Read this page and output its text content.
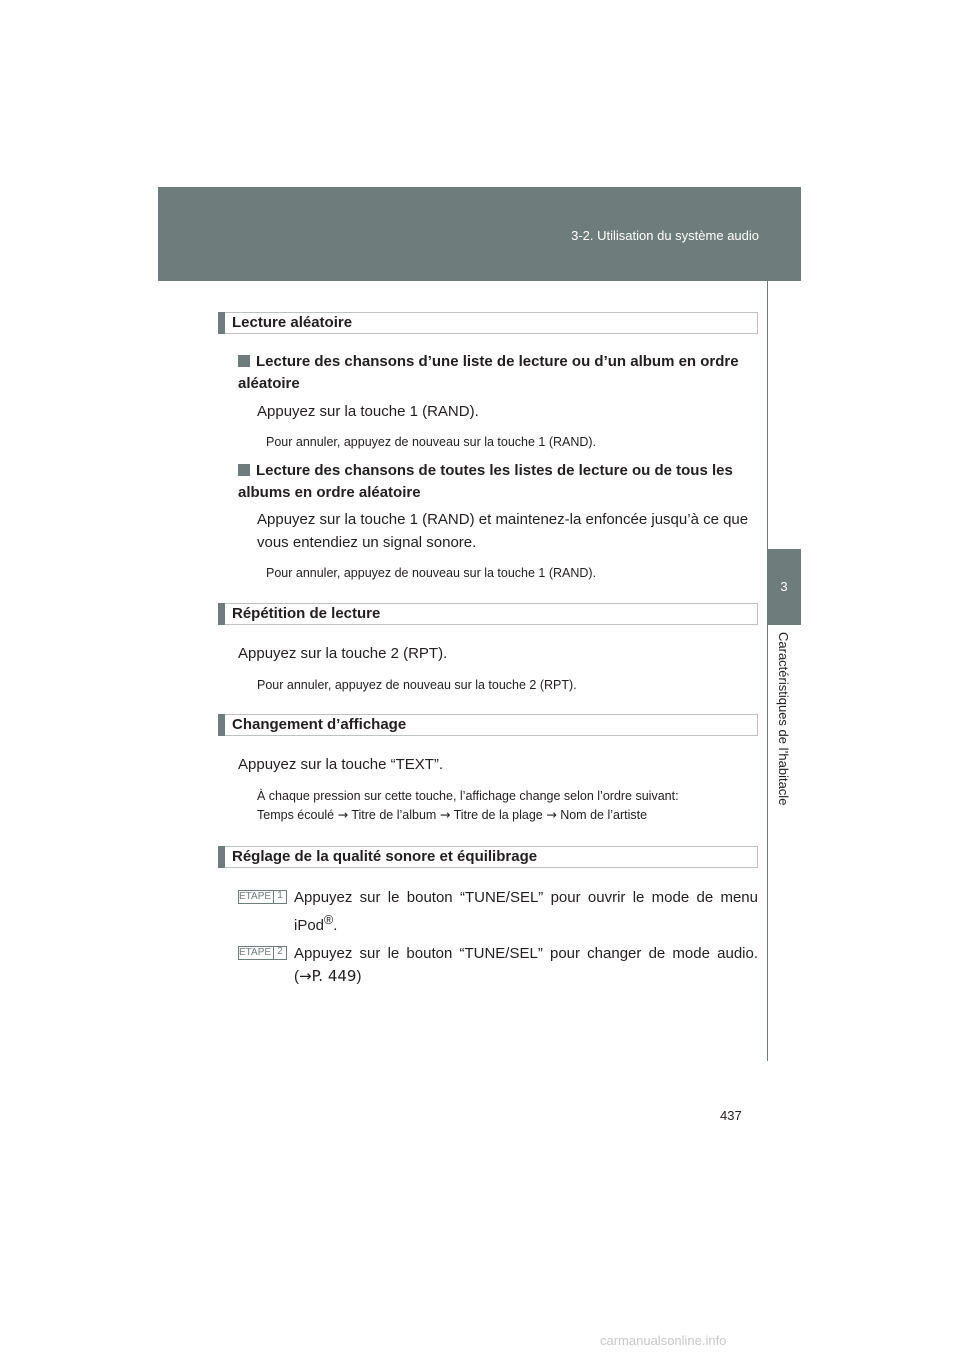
3-2. Utilisation du système audio
3
Caractéristiques de l’habitacle
Lecture aléatoire
Lecture des chansons d’une liste de lecture ou d’un album en ordre aléatoire
Appuyez sur la touche 1 (RAND).
Pour annuler, appuyez de nouveau sur la touche 1 (RAND).
Lecture des chansons de toutes les listes de lecture ou de tous les albums en ordre aléatoire
Appuyez sur la touche 1 (RAND) et maintenez-la enfoncée jusqu’à ce que vous entendiez un signal sonore.
Pour annuler, appuyez de nouveau sur la touche 1 (RAND).
Répétition de lecture
Appuyez sur la touche 2 (RPT).
Pour annuler, appuyez de nouveau sur la touche 2 (RPT).
Changement d’affichage
Appuyez sur la touche “TEXT”.
À chaque pression sur cette touche, l’affichage change selon l’ordre suivant:
Temps écoulé → Titre de l’album → Titre de la plage → Nom de l’artiste
Réglage de la qualité sonore et équilibrage
ÉTAPE 1 Appuyez sur le bouton “TUNE/SEL” pour ouvrir le mode de menu iPod®.
ÉTAPE 2 Appuyez sur le bouton “TUNE/SEL” pour changer de mode audio. (→P. 449)
437
carmanualsonline.info
